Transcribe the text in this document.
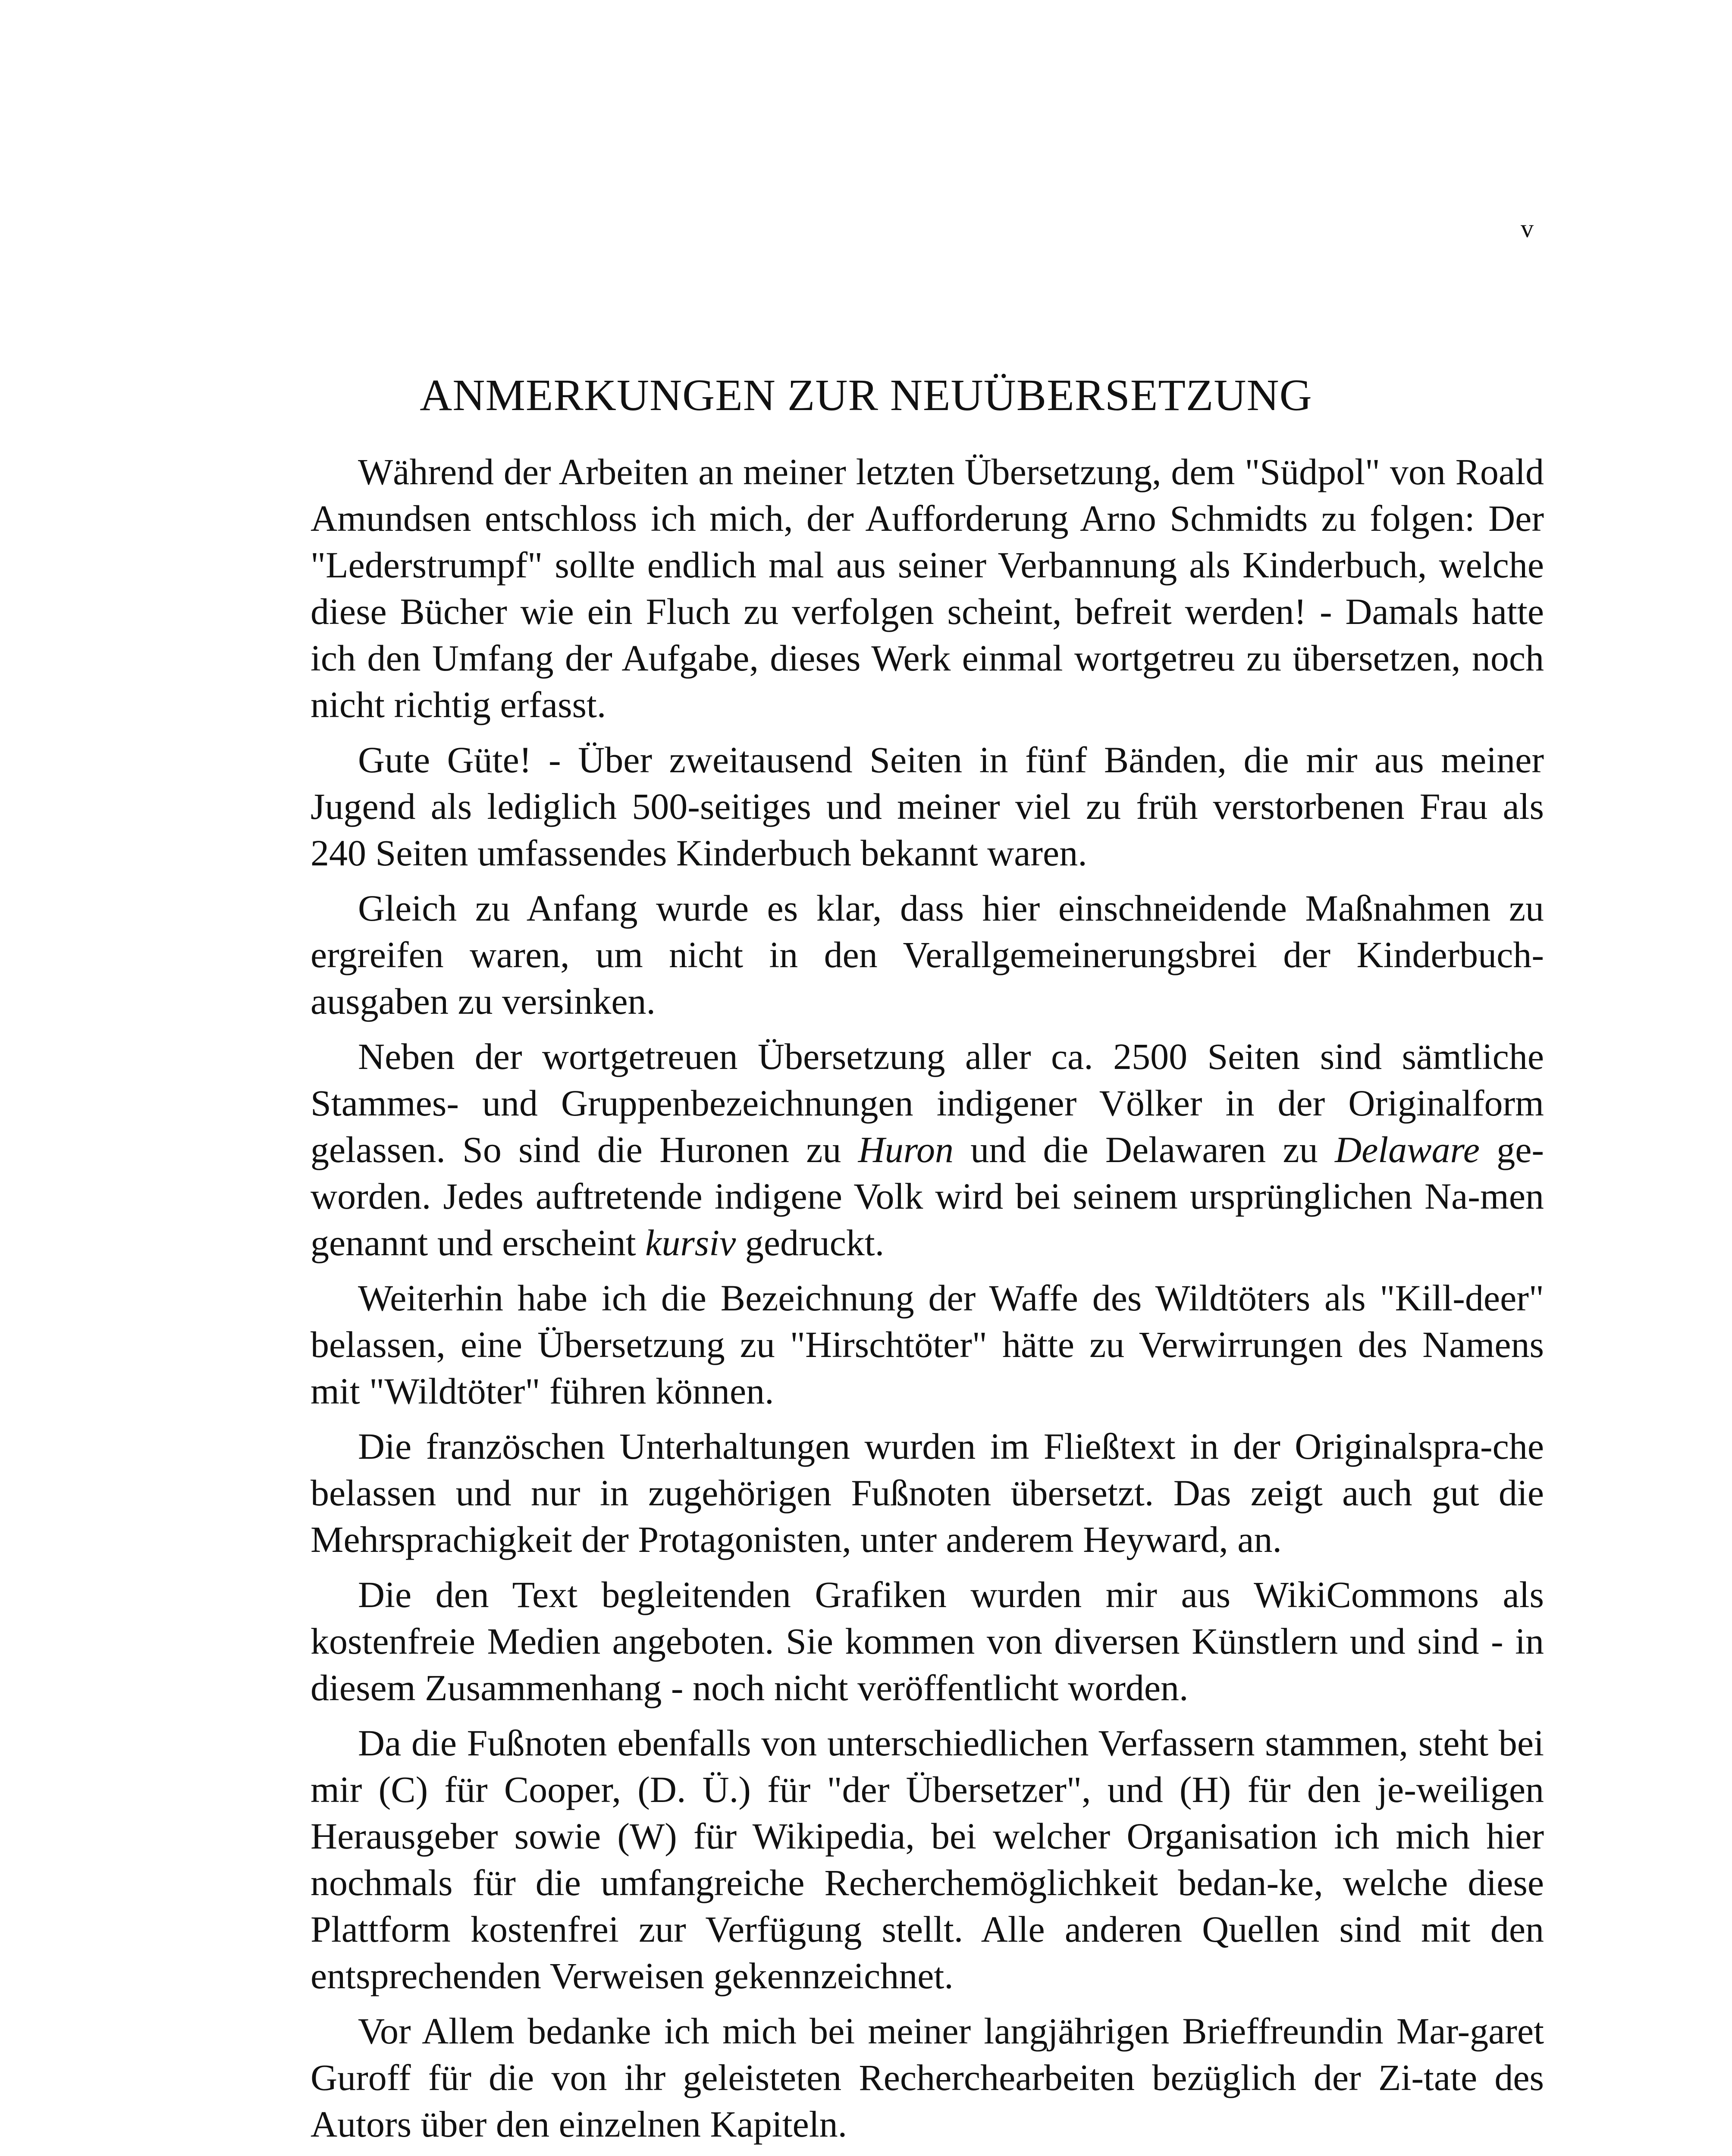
v
ANMERKUNGEN ZUR NEUÜBERSETZUNG

Während der Arbeiten an meiner letzten Übersetzung, dem "Südpol" von Roald Amundsen entschloss ich mich, der Aufforderung Arno Schmidts zu folgen: Der "Lederstrumpf" sollte endlich mal aus seiner Verbannung als Kinderbuch, welche diese Bücher wie ein Fluch zu verfolgen scheint, befreit werden! - Damals hatte ich den Umfang der Aufgabe, dieses Werk einmal wortgetreu zu übersetzen, noch nicht richtig erfasst.

Gute Güte! - Über zweitausend Seiten in fünf Bänden, die mir aus meiner Jugend als lediglich 500-seitiges und meiner viel zu früh verstorbenen Frau als 240 Seiten umfassendes Kinderbuch bekannt waren.

Gleich zu Anfang wurde es klar, dass hier einschneidende Maßnahmen zu ergreifen waren, um nicht in den Verallgemeinerungsbrei der Kinderbuch-ausgaben zu versinken.

Neben der wortgetreuen Übersetzung aller ca. 2500 Seiten sind sämtliche Stammes- und Gruppenbezeichnungen indigener Völker in der Originalform gelassen. So sind die Huronen zu Huron und die Delawaren zu Delaware ge-worden. Jedes auftretende indigene Volk wird bei seinem ursprünglichen Na-men genannt und erscheint kursiv gedruckt.

Weiterhin habe ich die Bezeichnung der Waffe des Wildtöters als "Kill-deer" belassen, eine Übersetzung zu "Hirschtöter" hätte zu Verwirrungen des Namens mit "Wildtöter" führen können.

Die französchen Unterhaltungen wurden im Fließtext in der Originalspra-che belassen und nur in zugehörigen Fußnoten übersetzt. Das zeigt auch gut die Mehrsprachigkeit der Protagonisten, unter anderem Heyward, an.

Die den Text begleitenden Grafiken wurden mir aus WikiCommons als kostenfreie Medien angeboten. Sie kommen von diversen Künstlern und sind - in diesem Zusammenhang - noch nicht veröffentlicht worden.

Da die Fußnoten ebenfalls von unterschiedlichen Verfassern stammen, steht bei mir (C) für Cooper, (D. Ü.) für "der Übersetzer", und (H) für den je-weiligen Herausgeber sowie (W) für Wikipedia, bei welcher Organisation ich mich hier nochmals für die umfangreiche Recherchemöglichkeit bedan-ke, welche diese Plattform kostenfrei zur Verfügung stellt. Alle anderen Quellen sind mit den entsprechenden Verweisen gekennzeichnet.

Vor Allem bedanke ich mich bei meiner langjährigen Brieffreundin Mar-garet Guroff für die von ihr geleisteten Recherchearbeiten bezüglich der Zi-tate des Autors über den einzelnen Kapiteln.
